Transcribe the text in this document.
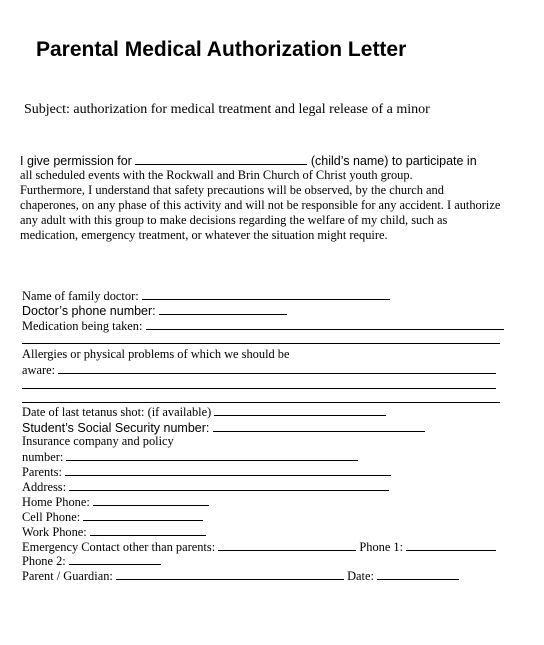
Parental Medical Authorization Letter
Subject: authorization for medical treatment and legal release of a minor
I give permission for	(child’s name) to participate in
all scheduled events with the Rockwall and Brin Church of Christ youth group.
Furthermore, I understand that safety precautions will be observed, by the church and
chaperones, on any phase of this activity and will not be responsible for any accident. I authorize
any adult with this group to make decisions regarding the welfare of my child, such as
medication, emergency treatment, or whatever the situation might require.
Name of family doctor:
Doctor’s phone number:
Medication being taken:
Allergies or physical problems of which we should be
aware:
Date of last tetanus shot: (if available)
Student’s Social Security number:
Insurance company and policy
number:
Parents:
Address:
Home Phone:
Cell Phone:
Work Phone:
Emergency Contact other than parents:	Phone 1:
Phone 2:
Parent / Guardian:	Date:
